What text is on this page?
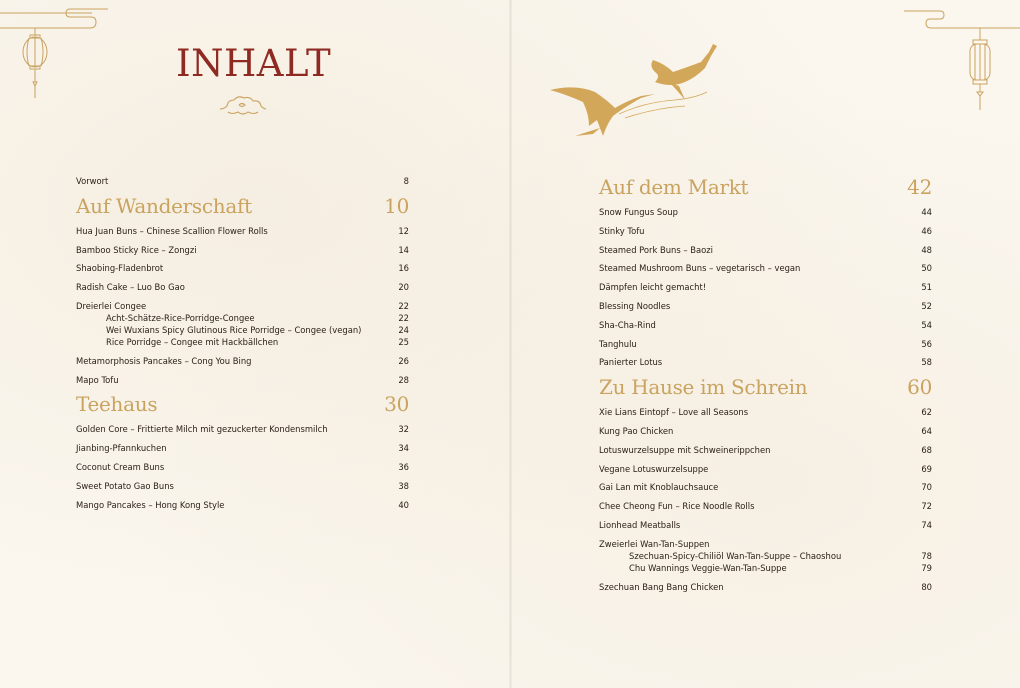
INHALT
Vorwort	8
Auf Wanderschaft	10
Hua Juan Buns – Chinese Scallion Flower Rolls	12
Bamboo Sticky Rice – Zongzi	14
Shaobing-Fladenbrot	16
Radish Cake – Luo Bo Gao	20
Dreierlei Congee	22
Acht-Schätze-Rice-Porridge-Congee	22
Wei Wuxians Spicy Glutinous Rice Porridge – Congee (vegan)	24
Rice Porridge – Congee mit Hackbällchen	25
Metamorphosis Pancakes – Cong You Bing	26
Mapo Tofu	28
Teehaus	30
Golden Core – Frittierte Milch mit gezuckerter Kondensmilch	32
Jianbing-Pfannkuchen	34
Coconut Cream Buns	36
Sweet Potato Gao Buns	38
Mango Pancakes – Hong Kong Style	40
Auf dem Markt	42
Snow Fungus Soup	44
Stinky Tofu	46
Steamed Pork Buns – Baozi	48
Steamed Mushroom Buns – vegetarisch – vegan	50
Dämpfen leicht gemacht!	51
Blessing Noodles	52
Sha-Cha-Rind	54
Tanghulu	56
Panierter Lotus	58
Zu Hause im Schrein	60
Xie Lians Eintopf – Love all Seasons	62
Kung Pao Chicken	64
Lotuswurzelsuppe mit Schweinerippchen	68
Vegane Lotuswurzelsuppe	69
Gai Lan mit Knoblauchsauce	70
Chee Cheong Fun – Rice Noodle Rolls	72
Lionhead Meatballs	74
Zweierlei Wan-Tan-Suppen
Szechuan-Spicy-Chiliöl Wan-Tan-Suppe – Chaoshou	78
Chu Wannings Veggie-Wan-Tan-Suppe	79
Szechuan Bang Bang Chicken	80
